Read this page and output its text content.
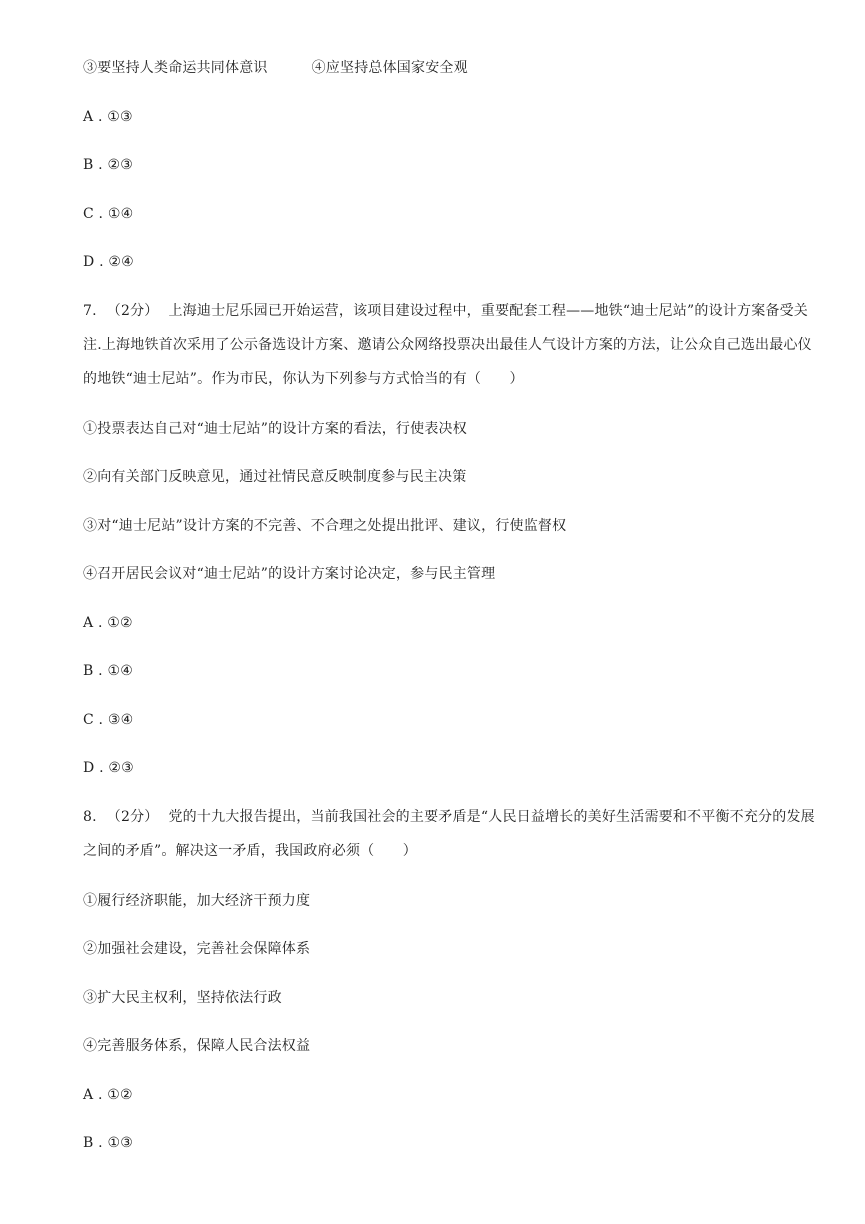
③要坚持人类命运共同体意识	④应坚持总体国家安全观
A . ①③
B . ②③
C . ①④
D . ②④
7. （2分） 上海迪士尼乐园已开始运营，该项目建设过程中，重要配套工程——地铁“迪士尼站”的设计方案备受关注.上海地铁首次采用了公示备选设计方案、邀请公众网络投票决出最佳人气设计方案的方法，让公众自己选出最心仪的地铁“迪士尼站”。作为市民，你认为下列参与方式恰当的有（　　）
①投票表达自己对“迪士尼站”的设计方案的看法，行使表决权
②向有关部门反映意见，通过社情民意反映制度参与民主决策
③对“迪士尼站”设计方案的不完善、不合理之处提出批评、建议，行使监督权
④召开居民会议对“迪士尼站”的设计方案讨论决定，参与民主管理
A . ①②
B . ①④
C . ③④
D . ②③
8. （2分） 党的十九大报告提出，当前我国社会的主要矛盾是“人民日益增长的美好生活需要和不平衡不充分的发展之间的矛盾”。解决这一矛盾，我国政府必须（　　）
①履行经济职能，加大经济干预力度
②加强社会建设，完善社会保障体系
③扩大民主权利，坚持依法行政
④完善服务体系，保障人民合法权益
A . ①②
B . ①③
